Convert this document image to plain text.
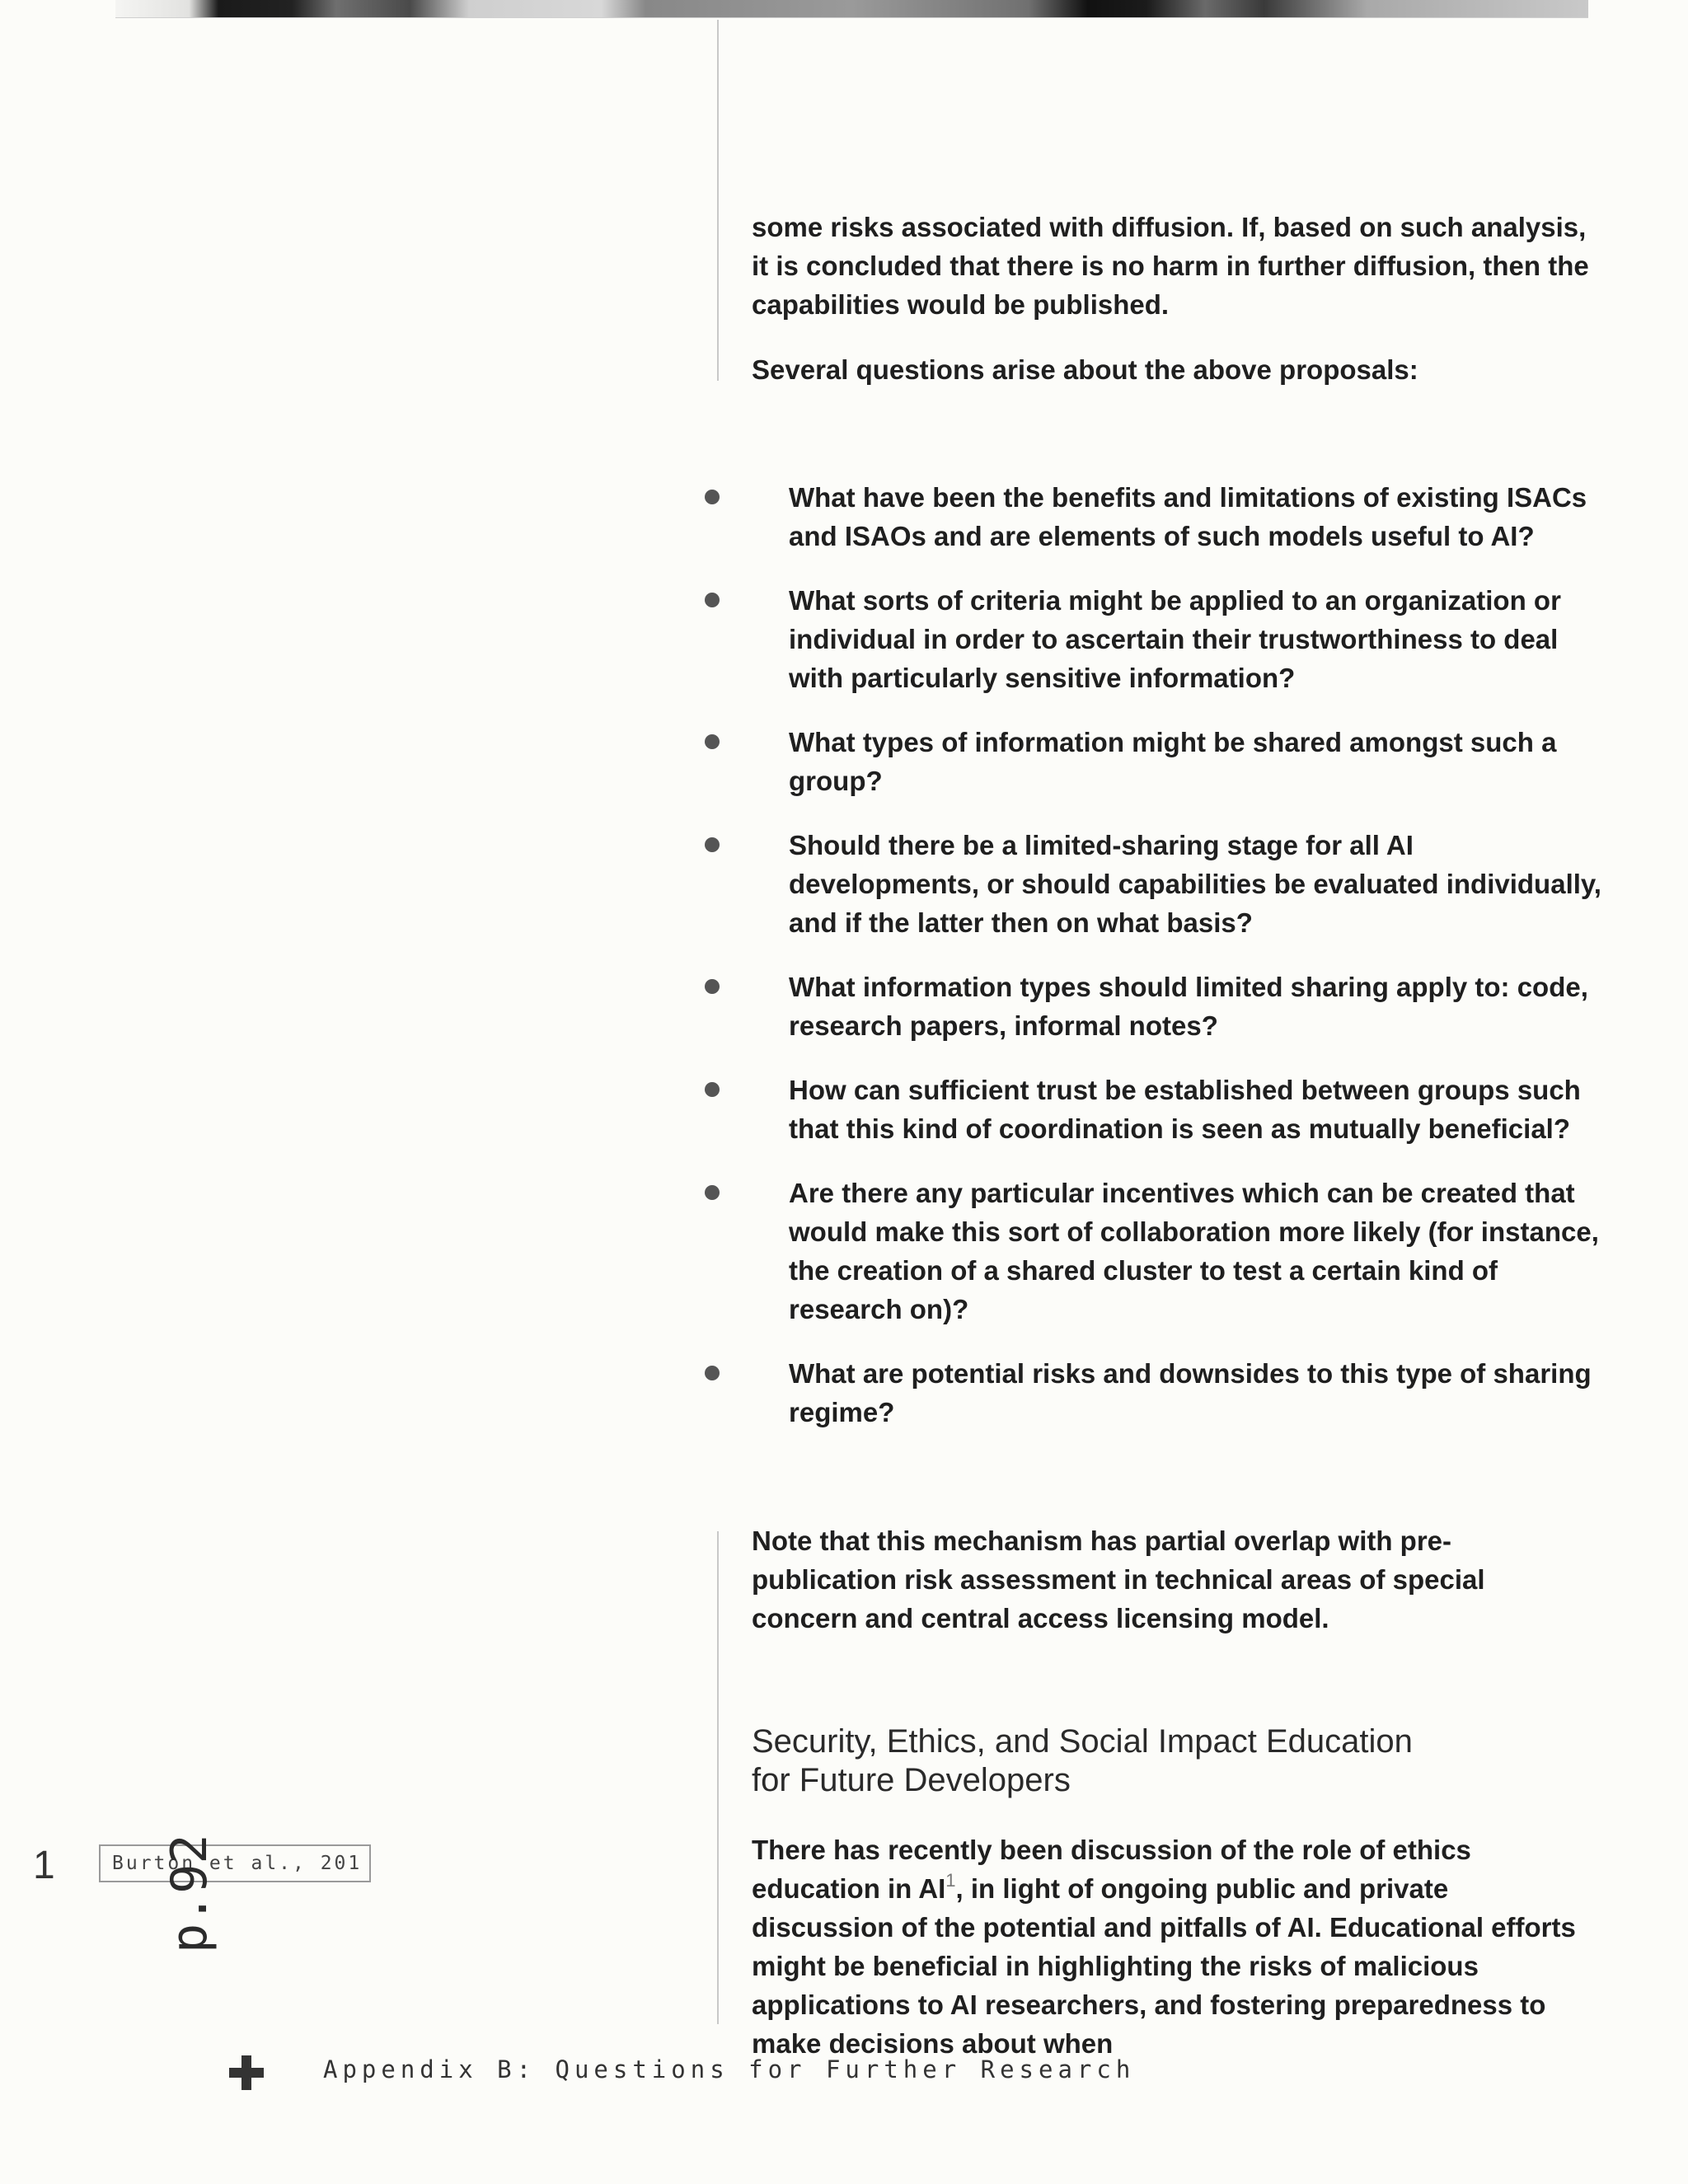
some risks associated with diffusion. If, based on such analysis, it is concluded that there is no harm in further diffusion, then the capabilities would be published.

Several questions arise about the above proposals:

What have been the benefits and limitations of existing ISACs and ISAOs and are elements of such models useful to AI?
What sorts of criteria might be applied to an organization or individual in order to ascertain their trustworthiness to deal with particularly sensitive information?
What types of information might be shared amongst such a group?
Should there be a limited-sharing stage for all AI developments, or should capabilities be evaluated individually, and if the latter then on what basis?
What information types should limited sharing apply to: code, research papers, informal notes?
How can sufficient trust be established between groups such that this kind of coordination is seen as mutually beneficial?
Are there any particular incentives which can be created that would make this sort of collaboration more likely (for instance, the creation of a shared cluster to test a certain kind of research on)?
What are potential risks and downsides to this type of sharing regime?

Note that this mechanism has partial overlap with pre-publication risk assessment in technical areas of special concern and central access licensing model.

Security, Ethics, and Social Impact Education
for Future Developers

There has recently been discussion of the role of ethics education in $AI^1$, in light of ongoing public and private discussion of the potential and pitfalls of AI. Educational efforts might be beneficial in highlighting the risks of malicious applications to AI researchers, and fostering preparedness to make decisions about when

1	Burton et al., 201
p.92
Appendix B: Questions for Further Research
